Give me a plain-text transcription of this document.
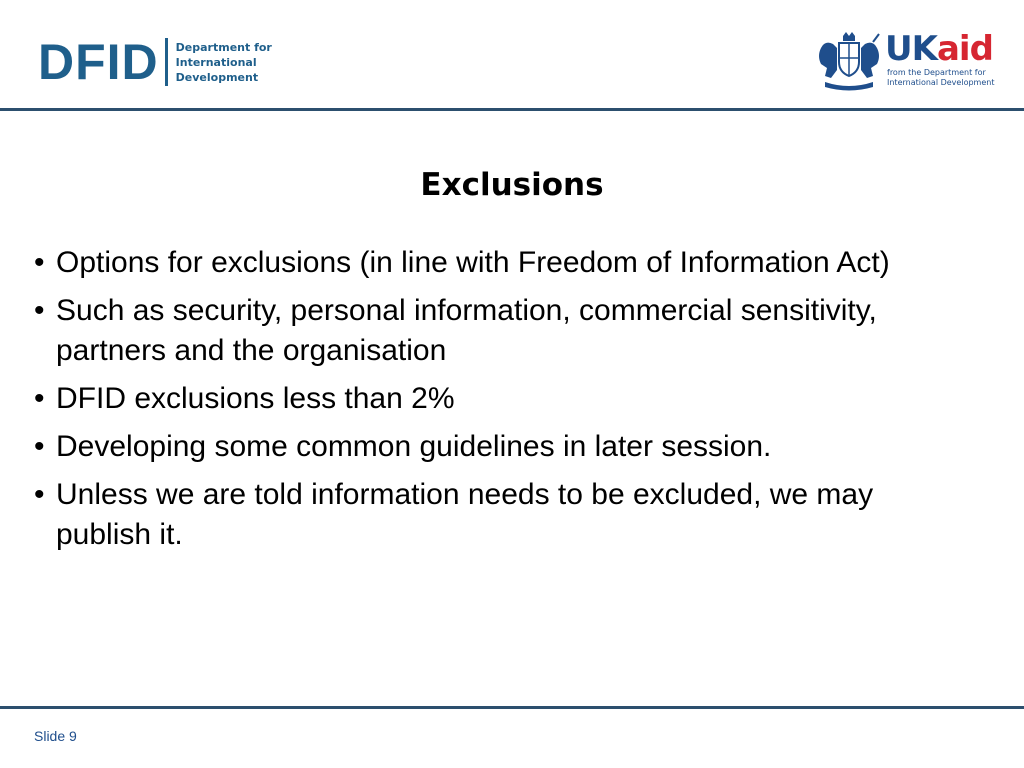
DFID Department for
International
Development
UKaid
from the Department for
International Development
Exclusions
• Options for exclusions (in line with Freedom of Information Act)
• Such as security, personal information, commercial sensitivity, partners and the organisation
• DFID exclusions less than 2%
• Developing some common guidelines in later session.
• Unless we are told information needs to be excluded, we may publish it.
Slide 9
